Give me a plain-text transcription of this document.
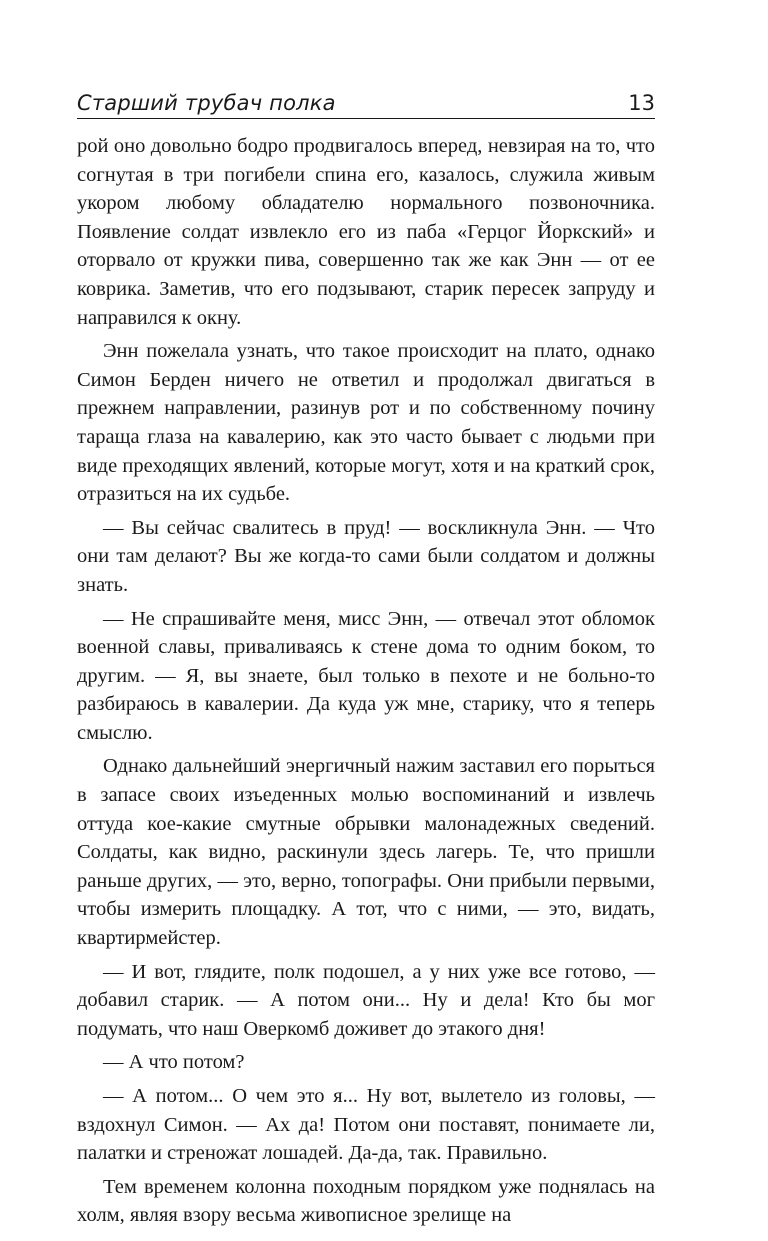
Старший трубач полка	13

рой оно довольно бодро продвигалось вперед, невзирая на то, что согнутая в три погибели спина его, казалось, служила живым укором любому обладателю нормального позвоночника. Появление солдат извлекло его из паба «Герцог Йоркский» и оторвало от кружки пива, совершенно так же как Энн — от ее коврика. Заметив, что его подзывают, старик пересек запруду и направился к окну.

Энн пожелала узнать, что такое происходит на плато, однако Симон Берден ничего не ответил и продолжал двигаться в прежнем направлении, разинув рот и по собственному почину тараща глаза на кавалерию, как это часто бывает с людьми при виде преходящих явлений, которые могут, хотя и на краткий срок, отразиться на их судьбе.

— Вы сейчас свалитесь в пруд! — воскликнула Энн. — Что они там делают? Вы же когда-то сами были солдатом и должны знать.

— Не спрашивайте меня, мисс Энн, — отвечал этот обломок военной славы, приваливаясь к стене дома то одним боком, то другим. — Я, вы знаете, был только в пехоте и не больно-то разбираюсь в кавалерии. Да куда уж мне, старику, что я теперь смыслю.

Однако дальнейший энергичный нажим заставил его порыться в запасе своих изъеденных молью воспоминаний и извлечь оттуда кое-какие смутные обрывки малонадежных сведений. Солдаты, как видно, раскинули здесь лагерь. Те, что пришли раньше других, — это, верно, топографы. Они прибыли первыми, чтобы измерить площадку. А тот, что с ними, — это, видать, квартирмейстер.

— И вот, глядите, полк подошел, а у них уже все готово, — добавил старик. — А потом они... Ну и дела! Кто бы мог подумать, что наш Оверкомб доживет до этакого дня!

— А что потом?

— А потом... О чем это я... Ну вот, вылетело из головы, — вздохнул Симон. — Ах да! Потом они поставят, понимаете ли, палатки и стреножат лошадей. Да-да, так. Правильно.

Тем временем колонна походным порядком уже поднялась на холм, являя взору весьма живописное зрелище на
